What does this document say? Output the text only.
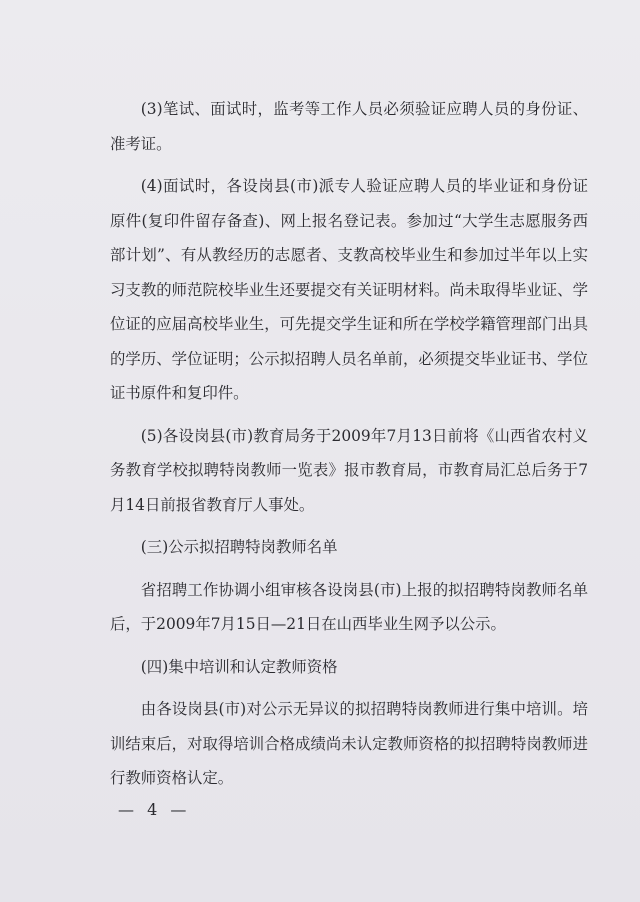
(3)笔试、面试时，监考等工作人员必须验证应聘人员的身份证、准考证。

(4)面试时，各设岗县(市)派专人验证应聘人员的毕业证和身份证原件(复印件留存备查)、网上报名登记表。参加过“大学生志愿服务西部计划”、有从教经历的志愿者、支教高校毕业生和参加过半年以上实习支教的师范院校毕业生还要提交有关证明材料。尚未取得毕业证、学位证的应届高校毕业生，可先提交学生证和所在学校学籍管理部门出具的学历、学位证明；公示拟招聘人员名单前，必须提交毕业证书、学位证书原件和复印件。

(5)各设岗县(市)教育局务于2009年7月13日前将《山西省农村义务教育学校拟聘特岗教师一览表》报市教育局，市教育局汇总后务于7月14日前报省教育厅人事处。

(三)公示拟招聘特岗教师名单

省招聘工作协调小组审核各设岗县(市)上报的拟招聘特岗教师名单后，于2009年7月15日—21日在山西毕业生网予以公示。

(四)集中培训和认定教师资格

由各设岗县(市)对公示无异议的拟招聘特岗教师进行集中培训。培训结束后，对取得培训合格成绩尚未认定教师资格的拟招聘特岗教师进行教师资格认定。

— 4 —
